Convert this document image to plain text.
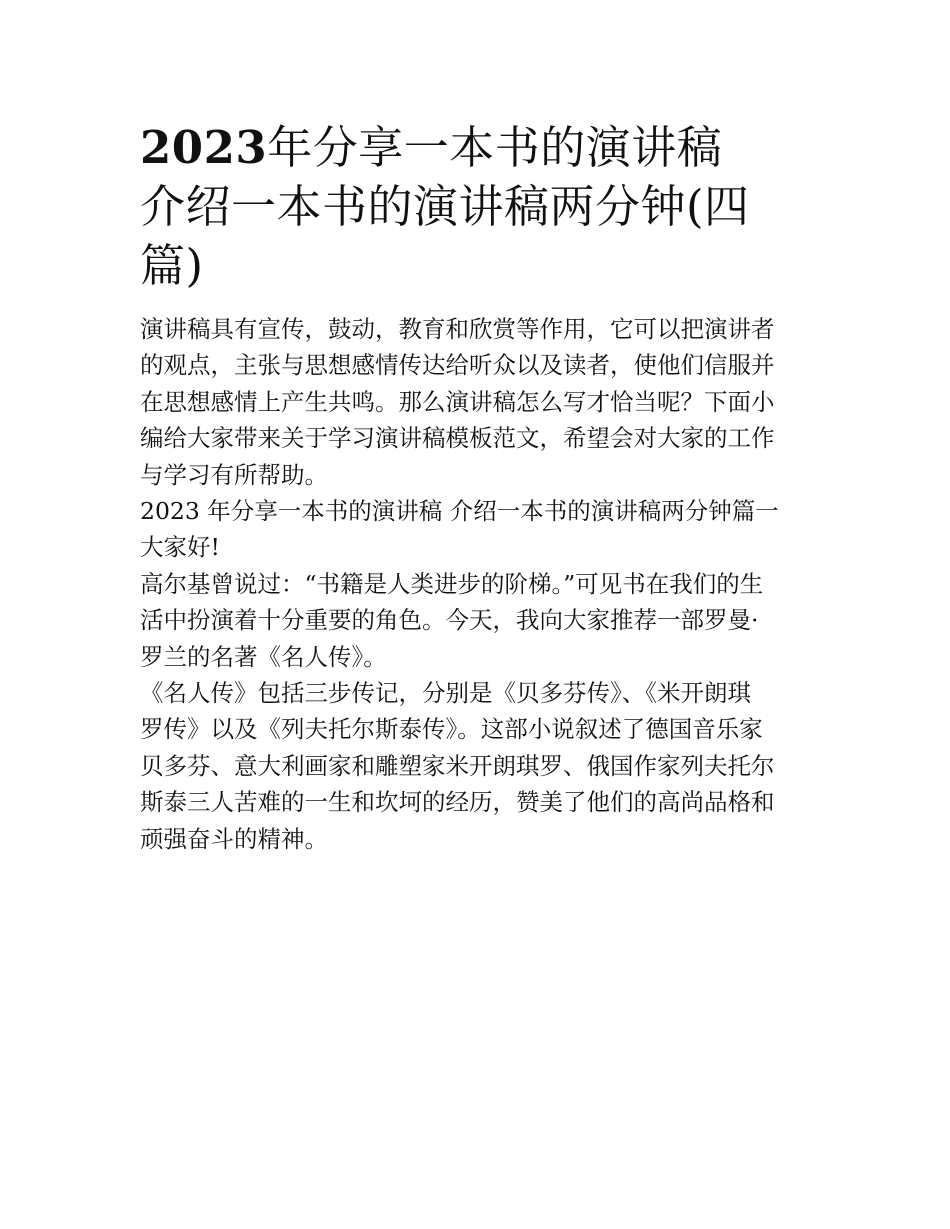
2023年分享一本书的演讲稿
介绍一本书的演讲稿两分钟(四
篇)

演讲稿具有宣传，鼓动，教育和欣赏等作用，它可以把演讲者
的观点，主张与思想感情传达给听众以及读者，使他们信服并
在思想感情上产生共鸣。那么演讲稿怎么写才恰当呢？下面小
编给大家带来关于学习演讲稿模板范文，希望会对大家的工作
与学习有所帮助。

2023 年分享一本书的演讲稿 介绍一本书的演讲稿两分钟篇一

大家好!

高尔基曾说过：“书籍是人类进步的阶梯。”可见书在我们的生
活中扮演着十分重要的角色。今天，我向大家推荐一部罗曼·
罗兰的名著《名人传》。

《名人传》包括三步传记，分别是《贝多芬传》、《米开朗琪
罗传》以及《列夫托尔斯泰传》。这部小说叙述了德国音乐家
贝多芬、意大利画家和雕塑家米开朗琪罗、俄国作家列夫托尔
斯泰三人苦难的一生和坎坷的经历，赞美了他们的高尚品格和
顽强奋斗的精神。
